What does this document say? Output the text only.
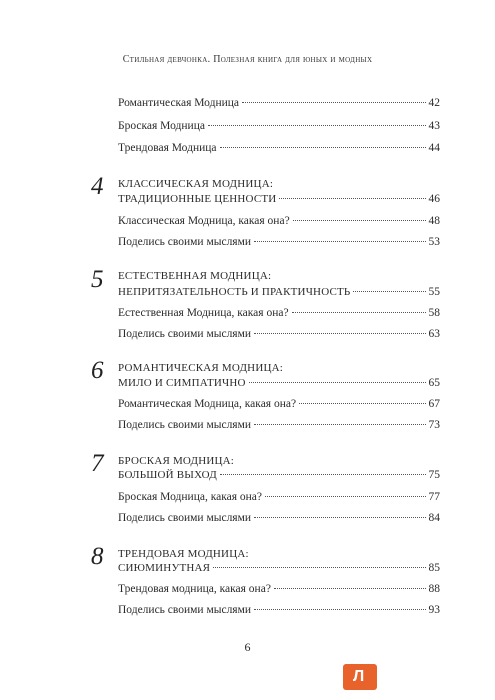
Стильная девчонка. Полезная книга для юных и модных
Романтическая Модница	42
Броская Модница	43
Трендовая Модница	44
4 КЛАССИЧЕСКАЯ МОДНИЦА:
ТРАДИЦИОННЫЕ ЦЕННОСТИ	46
Классическая Модница, какая она?	48
Поделись своими мыслями	53
5 ЕСТЕСТВЕННАЯ МОДНИЦА:
НЕПРИТЯЗАТЕЛЬНОСТЬ И ПРАКТИЧНОСТЬ	55
Естественная Модница, какая она?	58
Поделись своими мыслями	63
6 РОМАНТИЧЕСКАЯ МОДНИЦА:
МИЛО И СИМПАТИЧНО	65
Романтическая Модница, какая она?	67
Поделись своими мыслями	73
7 БРОСКАЯ МОДНИЦА:
БОЛЬШОЙ ВЫХОД	75
Броская Модница, какая она?	77
Поделись своими мыслями	84
8 ТРЕНДОВАЯ МОДНИЦА:
СИЮМИНУТНАЯ	85
Трендовая модница, какая она?	88
Поделись своими мыслями	93
6
Л
